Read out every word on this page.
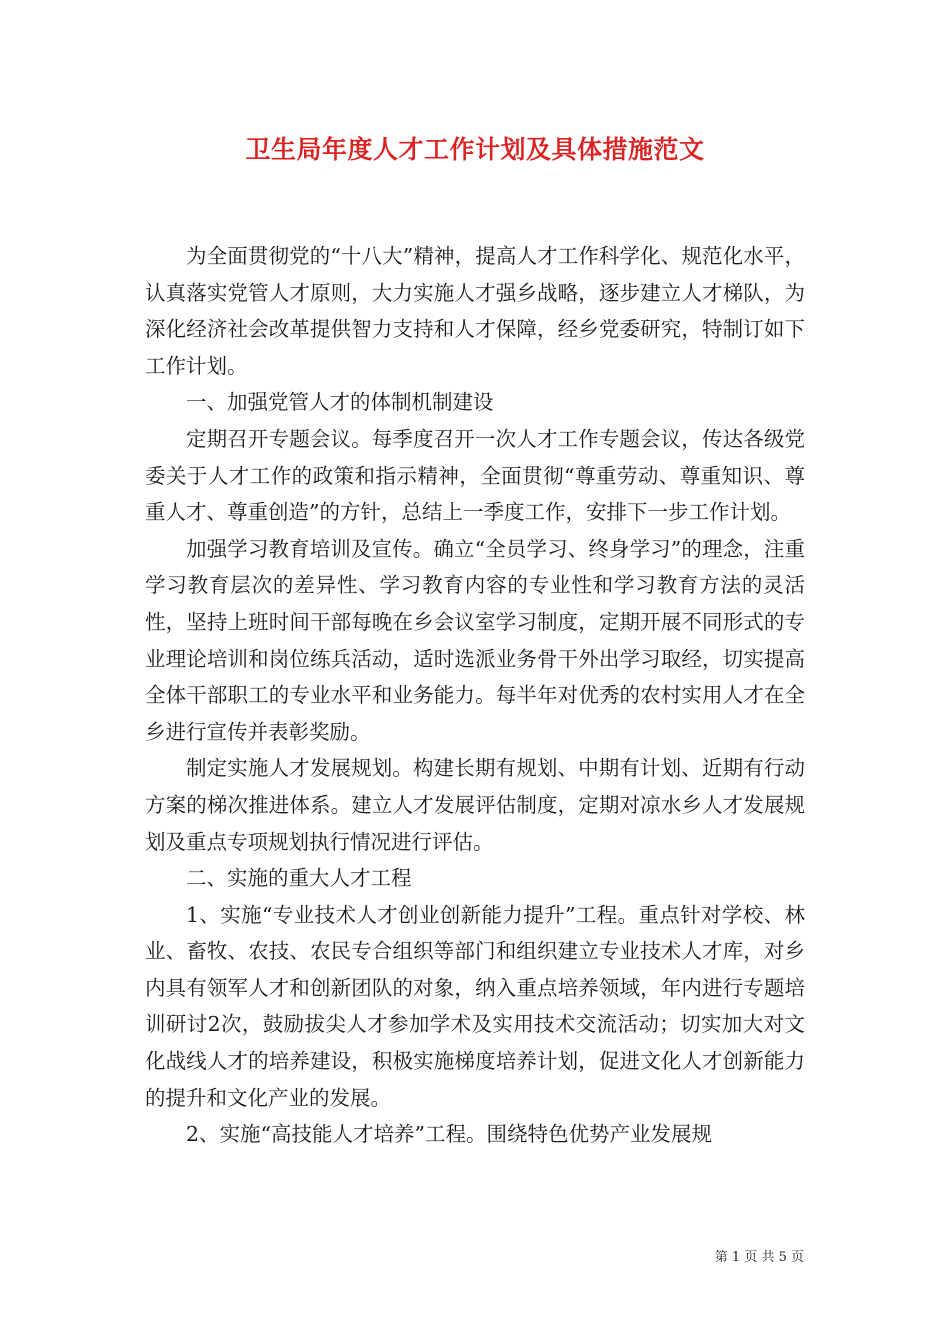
卫生局年度人才工作计划及具体措施范文

为全面贯彻党的“十八大”精神，提高人才工作科学化、规范化水平，认真落实党管人才原则，大力实施人才强乡战略，逐步建立人才梯队，为深化经济社会改革提供智力支持和人才保障，经乡党委研究，特制订如下工作计划。

一、加强党管人才的体制机制建设

定期召开专题会议。每季度召开一次人才工作专题会议，传达各级党委关于人才工作的政策和指示精神，全面贯彻“尊重劳动、尊重知识、尊重人才、尊重创造”的方针，总结上一季度工作，安排下一步工作计划。

加强学习教育培训及宣传。确立“全员学习、终身学习”的理念，注重学习教育层次的差异性、学习教育内容的专业性和学习教育方法的灵活性，坚持上班时间干部每晚在乡会议室学习制度，定期开展不同形式的专业理论培训和岗位练兵活动，适时选派业务骨干外出学习取经，切实提高全体干部职工的专业水平和业务能力。每半年对优秀的农村实用人才在全乡进行宣传并表彰奖励。

制定实施人才发展规划。构建长期有规划、中期有计划、近期有行动方案的梯次推进体系。建立人才发展评估制度，定期对凉水乡人才发展规划及重点专项规划执行情况进行评估。

二、实施的重大人才工程

1、实施“专业技术人才创业创新能力提升”工程。重点针对学校、林业、畜牧、农技、农民专合组织等部门和组织建立专业技术人才库，对乡内具有领军人才和创新团队的对象，纳入重点培养领域，年内进行专题培训研讨2次，鼓励拔尖人才参加学术及实用技术交流活动；切实加大对文化战线人才的培养建设，积极实施梯度培养计划，促进文化人才创新能力的提升和文化产业的发展。

2、实施“高技能人才培养”工程。围绕特色优势产业发展规

第 1 页 共 5 页
